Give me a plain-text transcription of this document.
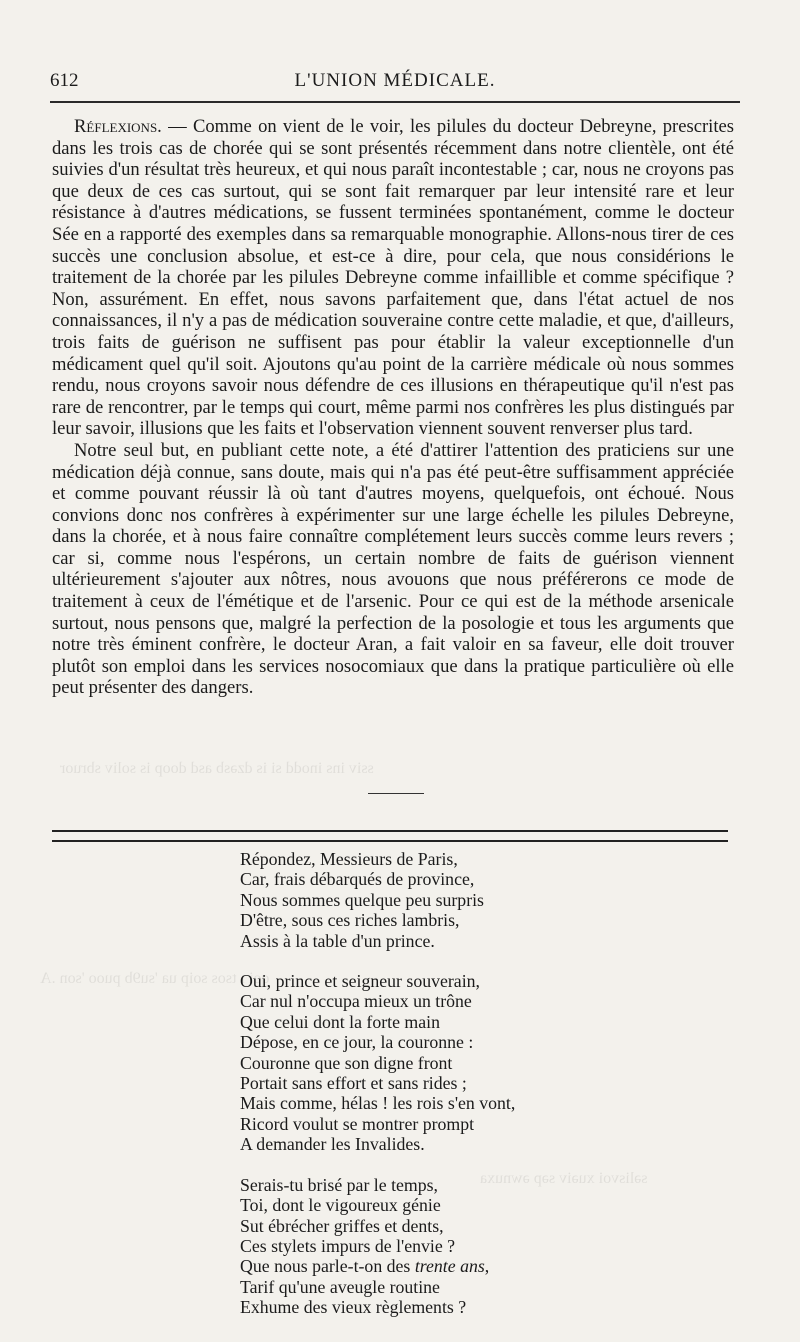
ssiv ins inodd si is dzəsb asd doop is soliv sbruor
qoi ı tsos soip ua 'su9b puoo 'son .A
səlisvoi xuəiv səp əwnuxa
612	L'UNION MÉDICALE.

Réflexions. — Comme on vient de le voir, les pilules du docteur Debreyne, prescrites dans les trois cas de chorée qui se sont présentés récemment dans notre clientèle, ont été suivies d'un résultat très heureux, et qui nous paraît incontestable ; car, nous ne croyons pas que deux de ces cas surtout, qui se sont fait remarquer par leur intensité rare et leur résistance à d'autres médications, se fussent terminées spontanément, comme le docteur Sée en a rapporté des exemples dans sa remarquable monographie. Allons-nous tirer de ces succès une conclusion absolue, et est-ce à dire, pour cela, que nous considérions le traitement de la chorée par les pilules Debreyne comme infaillible et comme spécifique ? Non, assurément. En effet, nous savons parfaitement que, dans l'état actuel de nos connaissances, il n'y a pas de médication souveraine contre cette maladie, et que, d'ailleurs, trois faits de guérison ne suffisent pas pour établir la valeur exceptionnelle d'un médicament quel qu'il soit. Ajoutons qu'au point de la carrière médicale où nous sommes rendu, nous croyons savoir nous défendre de ces illusions en thérapeutique qu'il n'est pas rare de rencontrer, par le temps qui court, même parmi nos confrères les plus distingués par leur savoir, illusions que les faits et l'observation viennent souvent renverser plus tard.

Notre seul but, en publiant cette note, a été d'attirer l'attention des praticiens sur une médication déjà connue, sans doute, mais qui n'a pas été peut-être suffisamment appréciée et comme pouvant réussir là où tant d'autres moyens, quelquefois, ont échoué. Nous convions donc nos confrères à expérimenter sur une large échelle les pilules Debreyne, dans la chorée, et à nous faire connaître complétement leurs succès comme leurs revers ; car si, comme nous l'espérons, un certain nombre de faits de guérison viennent ultérieurement s'ajouter aux nôtres, nous avouons que nous préférerons ce mode de traitement à ceux de l'émétique et de l'arsenic. Pour ce qui est de la méthode arsenicale surtout, nous pensons que, malgré la perfection de la posologie et tous les arguments que notre très éminent confrère, le docteur Aran, a fait valoir en sa faveur, elle doit trouver plutôt son emploi dans les services nosocomiaux que dans la pratique particulière où elle peut présenter des dangers.

Répondez, Messieurs de Paris,
Car, frais débarqués de province,
Nous sommes quelque peu surpris
D'être, sous ces riches lambris,
Assis à la table d'un prince.
Oui, prince et seigneur souverain,
Car nul n'occupa mieux un trône
Que celui dont la forte main
Dépose, en ce jour, la couronne :
Couronne que son digne front
Portait sans effort et sans rides ;
Mais comme, hélas ! les rois s'en vont,
Ricord voulut se montrer prompt
A demander les Invalides.
Serais-tu brisé par le temps,
Toi, dont le vigoureux génie
Sut ébrécher griffes et dents,
Ces stylets impurs de l'envie ?
Que nous parle-t-on des trente ans,
Tarif qu'une aveugle routine
Exhume des vieux règlements ?
